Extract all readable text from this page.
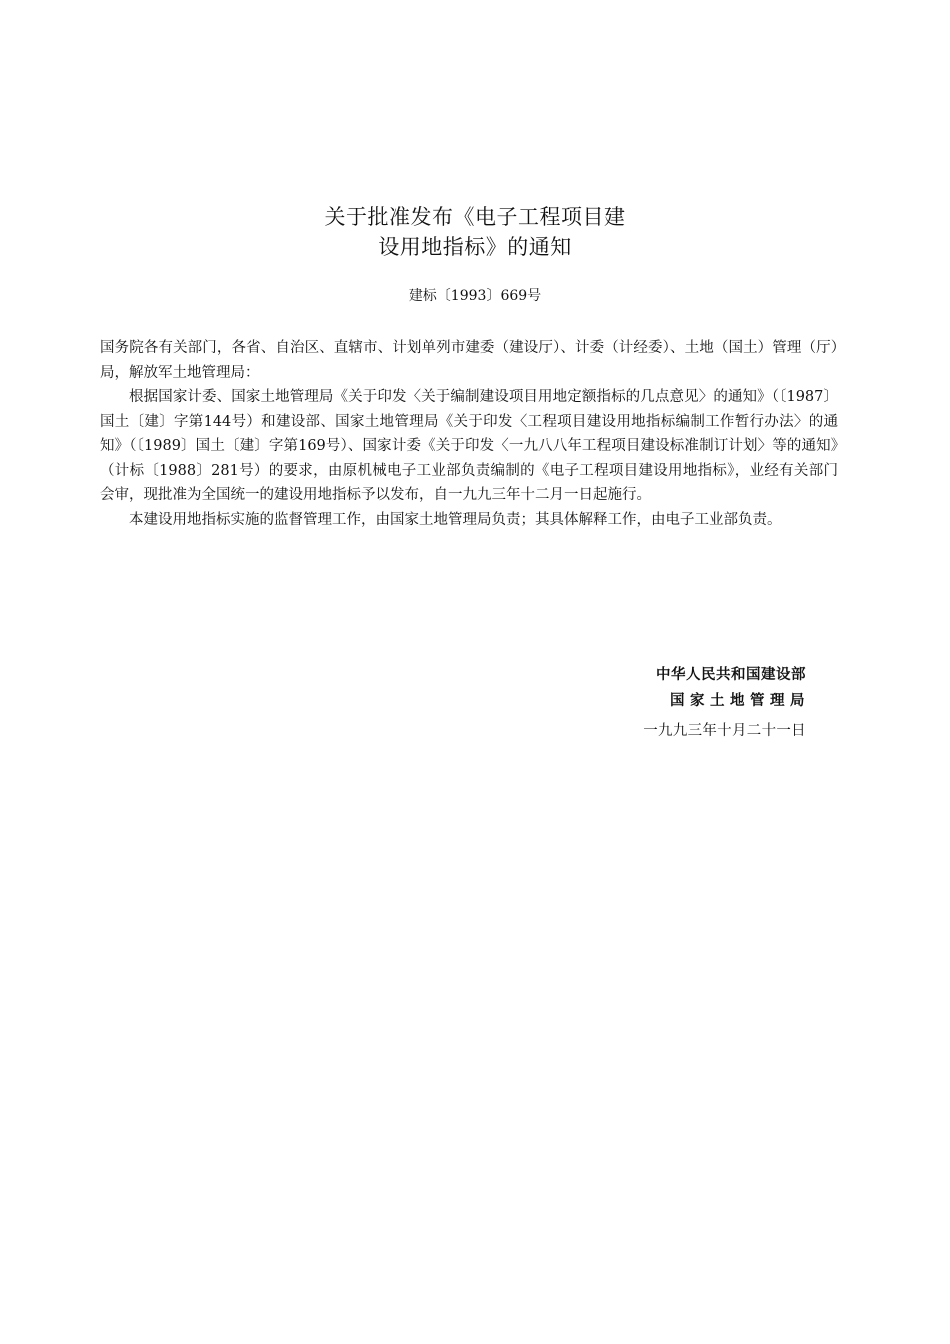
关于批准发布《电子工程项目建
设用地指标》的通知
建标〔1993〕669号

国务院各有关部门，各省、自治区、直辖市、计划单列市建委（建设厅）、计委（计经委）、土地（国土）管理（厅）局，解放军土地管理局：

根据国家计委、国家土地管理局《关于印发〈关于编制建设项目用地定额指标的几点意见〉的通知》（〔1987〕国土〔建〕字第144号）和建设部、国家土地管理局《关于印发〈工程项目建设用地指标编制工作暂行办法〉的通知》（〔1989〕国土〔建〕字第169号）、国家计委《关于印发〈一九八八年工程项目建设标准制订计划〉等的通知》（计标〔1988〕281号）的要求，由原机械电子工业部负责编制的《电子工程项目建设用地指标》，业经有关部门会审，现批准为全国统一的建设用地指标予以发布，自一九九三年十二月一日起施行。

本建设用地指标实施的监督管理工作，由国家土地管理局负责；其具体解释工作，由电子工业部负责。

中华人民共和国建设部
国家土地管理局
一九九三年十月二十一日
